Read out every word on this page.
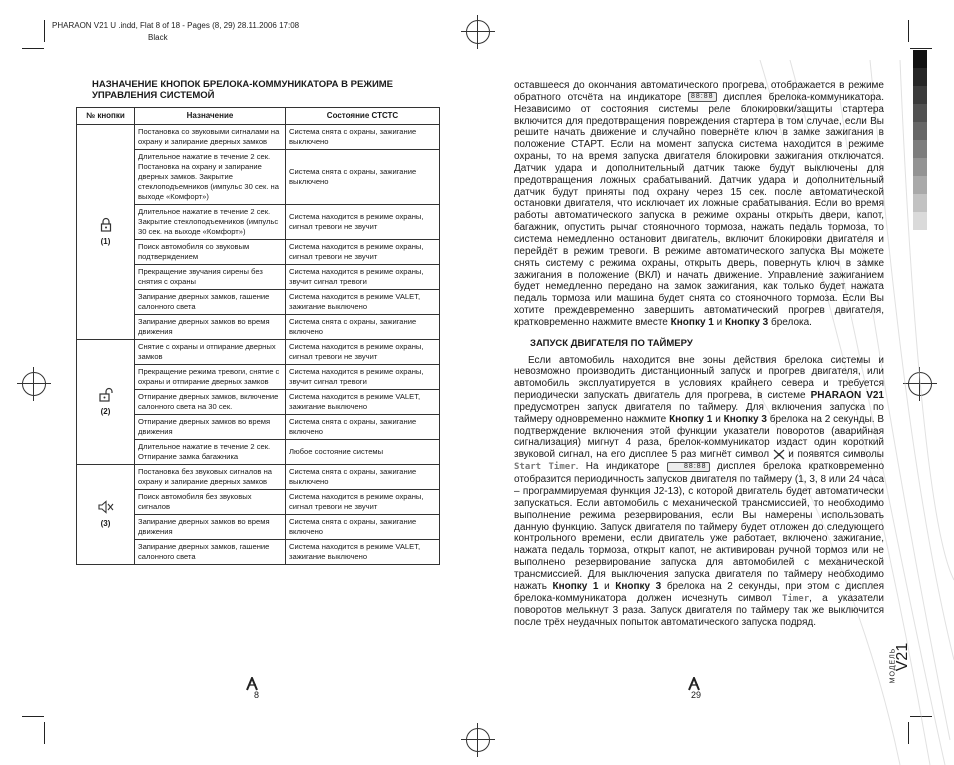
PHARAON V21 U .indd, Flat 8 of 18 - Pages (8, 29) 28.11.2006 17:08
Black
НАЗНАЧЕНИЕ КНОПОК БРЕЛОКА-КОММУНИКАТОРА В РЕЖИМЕ УПРАВЛЕНИЯ СИСТЕМОЙ
№ кнопки	Назначение	Состояние СТСТС

(1)	Постановка со звуковыми сигналами на охрану и запирание дверных замков	Система снята с охраны, зажигание выключено
	Длительное нажатие в течение 2 сек. Постановка на охрану и запирание дверных замков. Закрытие стеклоподъемников (импульс 30 сек. на выходе «Комфорт»)	Система снята с охраны, зажигание выключено
	Длительное нажатие в течение 2 сек. Закрытие стеклоподъемников (импульс 30 сек. на выходе «Комфорт»)	Система находится в режиме охраны, сигнал тревоги не звучит
	Поиск автомобиля со звуковым подтверждением	Система находится в режиме охраны, сигнал тревоги не звучит
	Прекращение звучания сирены без снятия с охраны	Система находится в режиме охраны, звучит сигнал тревоги
	Запирание дверных замков, гашение салонного света	Система находится в режиме VALET, зажигание выключено
	Запирание дверных замков во время движения	Система снята с охраны, зажигание включено

(2)	Снятие с охраны и отпирание дверных замков	Система находится в режиме охраны, сигнал тревоги не звучит
	Прекращение режима тревоги, снятие с охраны и отпирание дверных замков	Система находится в режиме охраны, звучит сигнал тревоги
	Отпирание дверных замков, включение салонного света на 30 сек.	Система находится в режиме VALET, зажигание выключено
	Отпирание дверных замков во время движения	Система снята с охраны, зажигание включено
	Длительное нажатие в течение 2 сек. Отпирание замка багажника	Любое состояние системы

(3)	Постановка без звуковых сигналов на охрану и запирание дверных замков	Система снята с охраны, зажигание выключено
	Поиск автомобиля без звуковых сигналов	Система находится в режиме охраны, сигнал тревоги не звучит
	Запирание дверных замков во время движения	Система снята с охраны, зажигание включено
	Запирание дверных замков, гашение салонного света	Система находится в режиме VALET, зажигание выключено
8

оставшееся до окончания автоматического прогрева, отображается в режиме обратного отсчёта на индикаторе 88:88 дисплея брелока-коммуникатора. Независимо от состояния системы реле блокировки/защиты стартера включится для предотвращения повреждения стартера в том случае, если Вы решите начать движение и случайно повернёте ключ в замке зажигания в положение СТАРТ. Если на момент запуска система находится в режиме охраны, то на время запуска двигателя блокировки зажигания отключатся. Датчик удара и дополнительный датчик также будут выключены для предотвращения ложных срабатываний. Датчик удара и дополнительный датчик будут приняты под охрану через 15 сек. после автоматической остановки двигателя, что исключает их ложные срабатывания. Если во время работы автоматического запуска в режиме охраны открыть двери, капот, багажник, опустить рычаг стояночного тормоза, нажать педаль тормоза, то система немедленно остановит двигатель, включит блокировки двигателя и перейдёт в режим тревоги. В режиме автоматического запуска Вы можете снять систему с режима охраны, открыть дверь, повернуть ключ в замке зажигания в положение (ВКЛ) и начать движение. Управление зажиганием будет немедленно передано на замок зажигания, как только будет нажата педаль тормоза или машина будет снята со стояночного тормоза. Если Вы хотите преждевременно завершить автоматический прогрев двигателя, кратковременно нажмите вместе Кнопку 1 и Кнопку 3 брелока.

ЗАПУСК ДВИГАТЕЛЯ ПО ТАЙМЕРУ

Если автомобиль находится вне зоны действия брелока системы и невозможно производить дистанционный запуск и прогрев двигателя, или автомобиль эксплуатируется в условиях крайнего севера и требуется периодически запускать двигатель для прогрева, в системе PHARAON V21 предусмотрен запуск двигателя по таймеру. Для включения запуска по таймеру одновременно нажмите Кнопку 1 и Кнопку 3 брелока на 2 секунды. В подтверждение включения этой функции указатели поворотов (аварийная сигнализация) мигнут 4 раза, брелок-коммуникатор издаст один короткий звуковой сигнал, на его дисплее 5 раз мигнёт символ и появятся символы Start Timer. На индикаторе	88:88 дисплея брелока кратковременно отобразится периодичность запусков двигателя по таймеру (1, 3, 8 или 24 часа – программируемая функция J2-13), с которой двигатель будет автоматически запускаться. Если автомобиль с механической трансмиссией, то необходимо выполнение режима резервирования, если Вы намерены использовать данную функцию. Запуск двигателя по таймеру будет отложен до следующего контрольного времени, если двигатель уже работает, включено зажигание, нажата педаль тормоза, открыт капот, не активирован ручной тормоз или не выполнено резервирование запуска для автомобилей с механической трансмиссией. Для выключения запуска двигателя по таймеру необходимо нажать Кнопку 1 и Кнопку 3 брелока на 2 секунды, при этом с дисплея брелока-коммуникатора должен исчезнуть символ Timer, а указатели поворотов мелькнут 3 раза. Запуск двигателя по таймеру так же выключится после трёх неудачных попыток автоматического запуска подряд.

29
МОДЕЛЬ
V21
